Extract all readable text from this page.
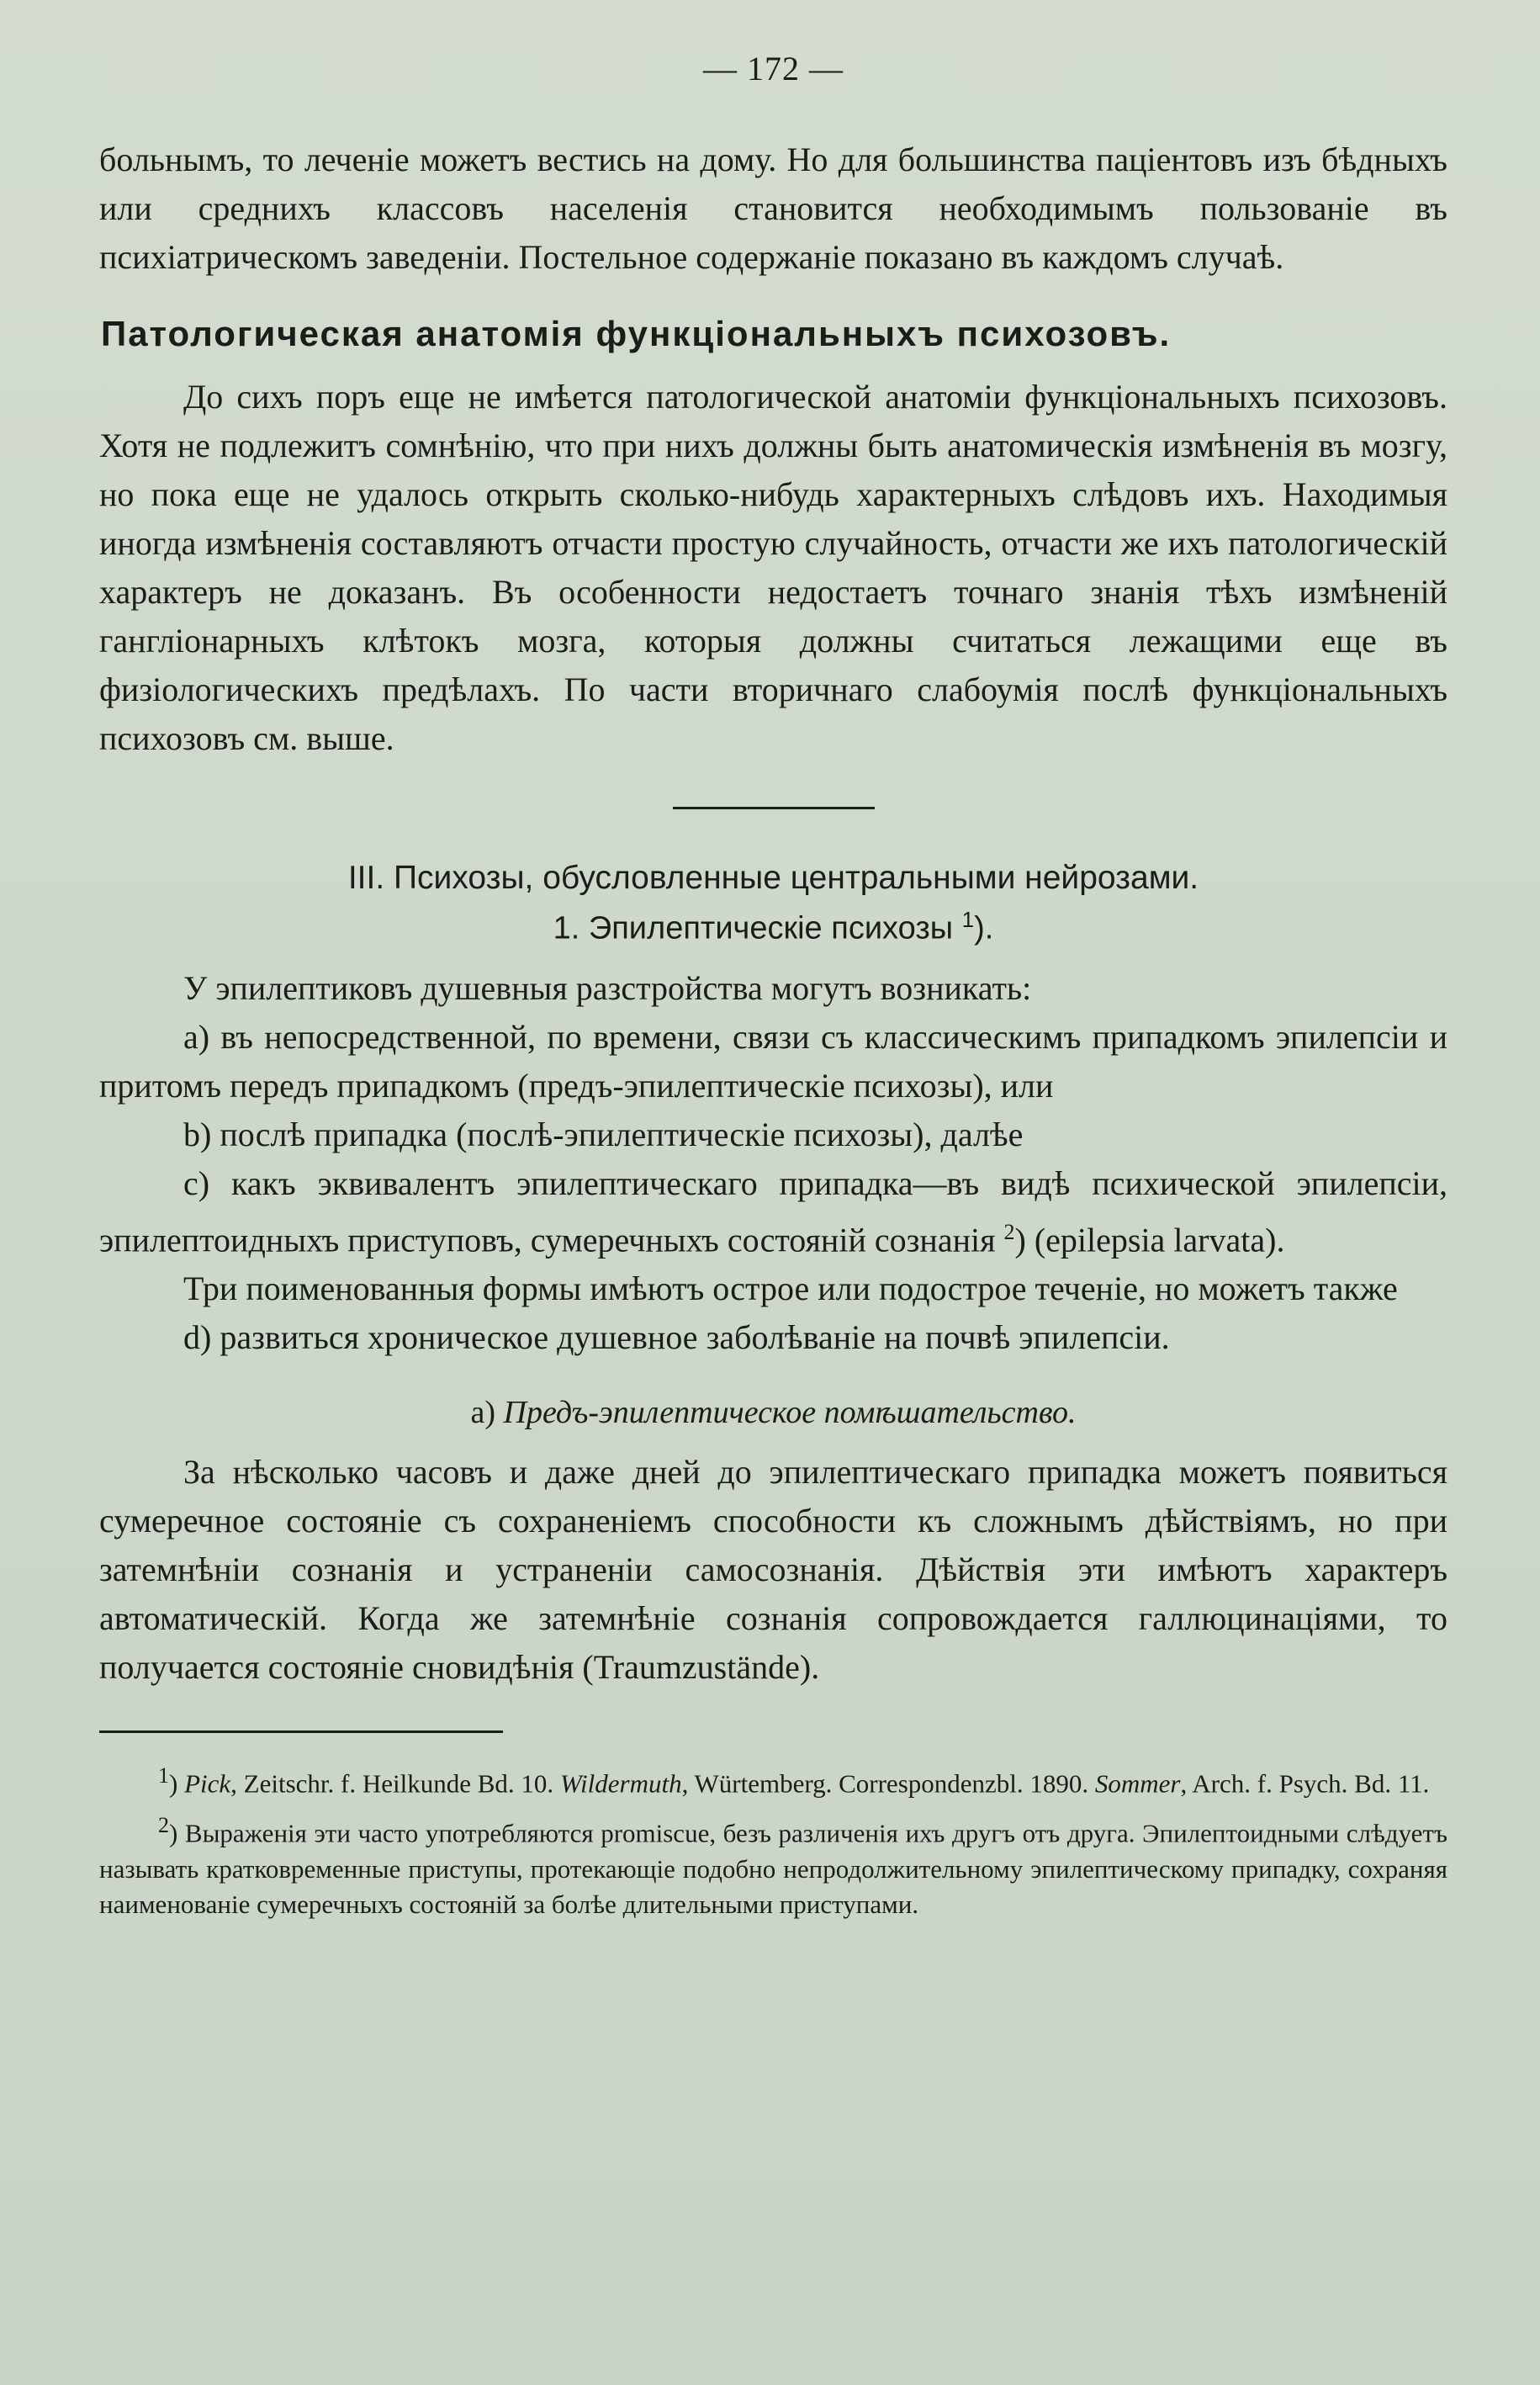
— 172 —

больнымъ, то леченіе можетъ вестись на дому. Но для большинства пацiентовъ изъ бѣдныхъ или среднихъ классовъ населенія становится необходимымъ пользованіе въ психіатрическомъ заведеніи. Постельное содержаніе показано въ каждомъ случаѣ.

Патологическая анатомія функціональныхъ психозовъ.

До сихъ поръ еще не имѣется патологической анатоміи функціональныхъ психозовъ. Хотя не подлежитъ сомнѣнію, что при нихъ должны быть анатомическія измѣненія въ мозгу, но пока еще не удалось открыть сколько-нибудь характерныхъ слѣдовъ ихъ. Находимыя иногда измѣненія составляютъ отчасти простую случайность, отчасти же ихъ патологическій характеръ не доказанъ. Въ особенности недостаетъ точнаго знанія тѣхъ измѣненій ганглiонарныхъ клѣтокъ мозга, которыя должны считаться лежащими еще въ физіологическихъ предѣлахъ. По части вторичнаго слабоумія послѣ функціональныхъ психозовъ см. выше.

III. Психозы, обусловленные центральными нейрозами.
1. Эпилептическiе психозы $^1$).

У эпилептиковъ душевныя разстройства могутъ возникать:

а) въ непосредственной, по времени, связи съ классическимъ припадкомъ эпилепсіи и притомъ передъ припадкомъ (предъ-эпилептическіе психозы), или

b) послѣ припадка (послѣ-эпилептическіе психозы), далѣе

с) какъ эквивалентъ эпилептическаго припадка—въ видѣ психической эпилепсіи, эпилептоидныхъ приступовъ, сумеречныхъ состояній сознанія $^2$) (epilepsia larvata).

Три поименованныя формы имѣютъ острое или подострое теченіе, но можетъ также

d) развиться хроническое душевное заболѣваніе на почвѣ эпилепсіи.

а) Предъ-эпилептическое помѣшательство.

За нѣсколько часовъ и даже дней до эпилептическаго припадка можетъ появиться сумеречное состояніе съ сохраненіемъ способности къ сложнымъ дѣйствіямъ, но при затемнѣніи сознанія и устраненіи самосознанія. Дѣйствія эти имѣютъ характеръ автоматическій. Когда же затемнѣніе сознанія сопровождается галлюцинаціями, то получается состояніе сновидѣнія (Traumzustände).

$^1$) Pick, Zeitschr. f. Heilkunde Bd. 10. Wildermuth, Würtemberg. Correspondenzbl. 1890. Sommer, Arch. f. Psych. Bd. 11.
$^2$) Выраженія эти часто употребляются promiscue, безъ различенія ихъ другъ отъ друга. Эпилептоидными слѣдуетъ называть кратковременные приступы, протекающіе подобно непродолжительному эпилептическому припадку, сохраняя наименованіе сумеречныхъ состояній за болѣе длительными приступами.
